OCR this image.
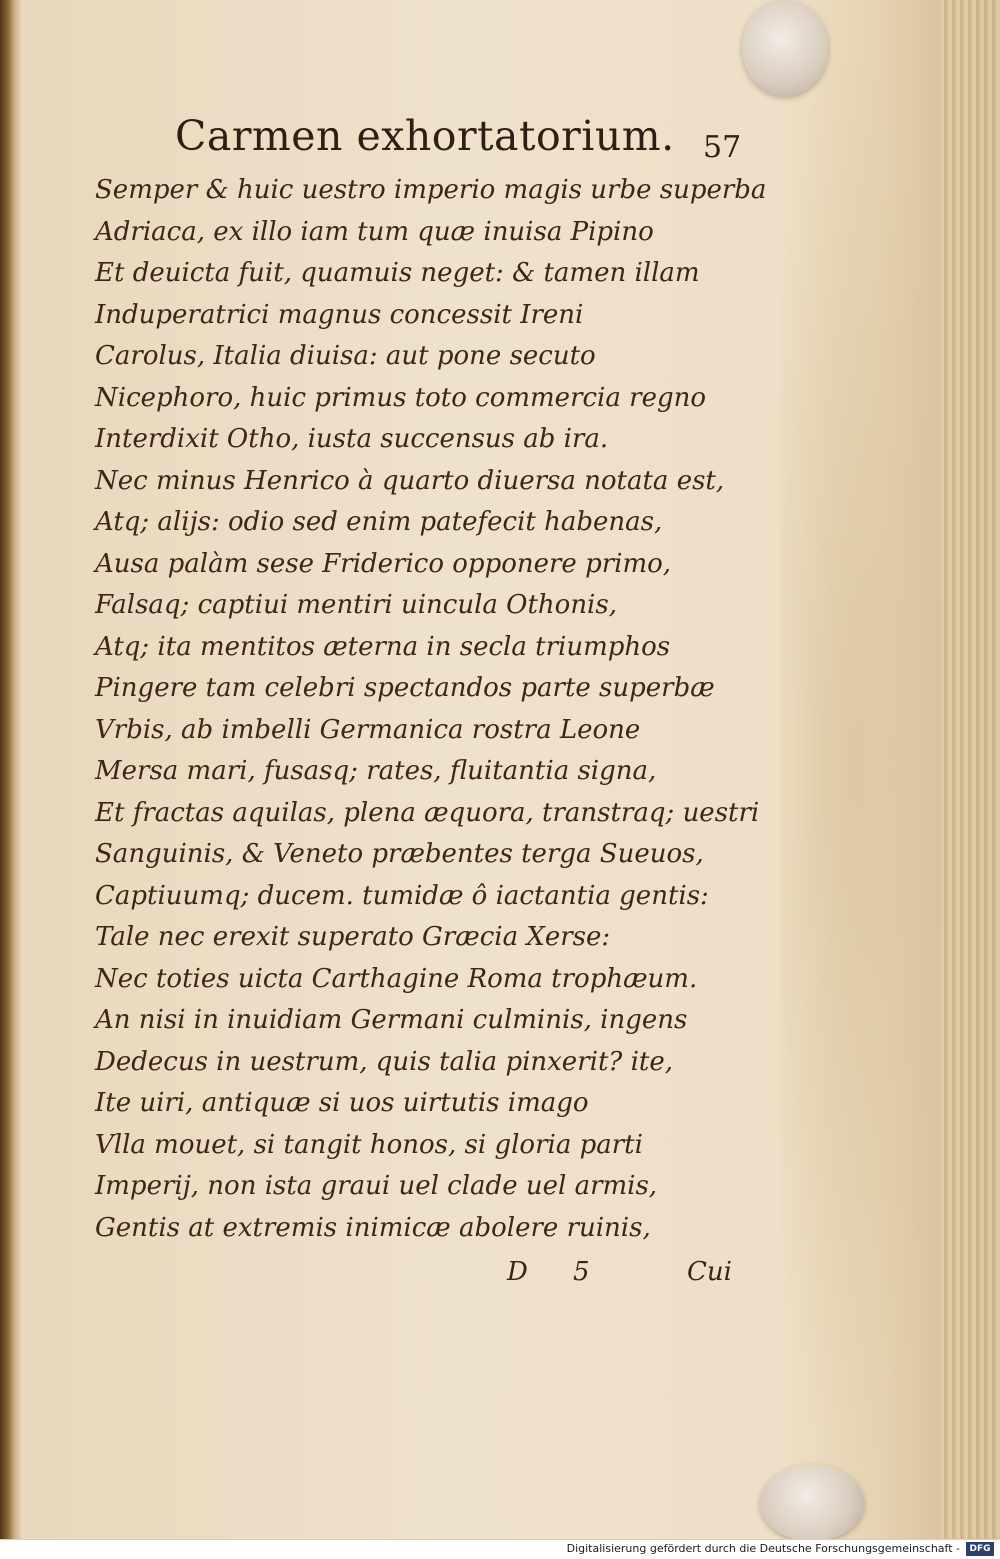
Carmen exhortatorium. 57
Semper & huic uestro imperio magis urbe superba
Adriaca, ex illo iam tum quæ inuisa Pipino
Et deuicta fuit, quamuis neget: & tamen illam
Induperatrici magnus concessit Ireni
Carolus, Italia diuisa: aut pone secuto
Nicephoro, huic primus toto commercia regno
Interdixit Otho, iusta succensus ab ira.
Nec minus Henrico à quarto diuersa notata est,
Atq; alijs: odio sed enim patefecit habenas,
Ausa palàm sese Friderico opponere primo,
Falsaq; captiui mentiri uincula Othonis,
Atq; ita mentitos æterna in secla triumphos
Pingere tam celebri spectandos parte superbæ
Vrbis, ab imbelli Germanica rostra Leone
Mersa mari, fusasq; rates, fluitantia signa,
Et fractas aquilas, plena æquora, transtraq; uestri
Sanguinis, & Veneto præbentes terga Sueuos,
Captiuumq; ducem. tumidæ ô iactantia gentis:
Tale nec erexit superato Græcia Xerse:
Nec toties uicta Carthagine Roma trophæum.
An nisi in inuidiam Germani culminis, ingens
Dedecus in uestrum, quis talia pinxerit? ite,
Ite uiri, antiquæ si uos uirtutis imago
Vlla mouet, si tangit honos, si gloria parti
Imperij, non ista graui uel clade uel armis,
Gentis at extremis inimicæ abolere ruinis,
D 5	Cui
Digitalisierung gefördert durch die Deutsche Forschungsgemeinschaft -	DFG
